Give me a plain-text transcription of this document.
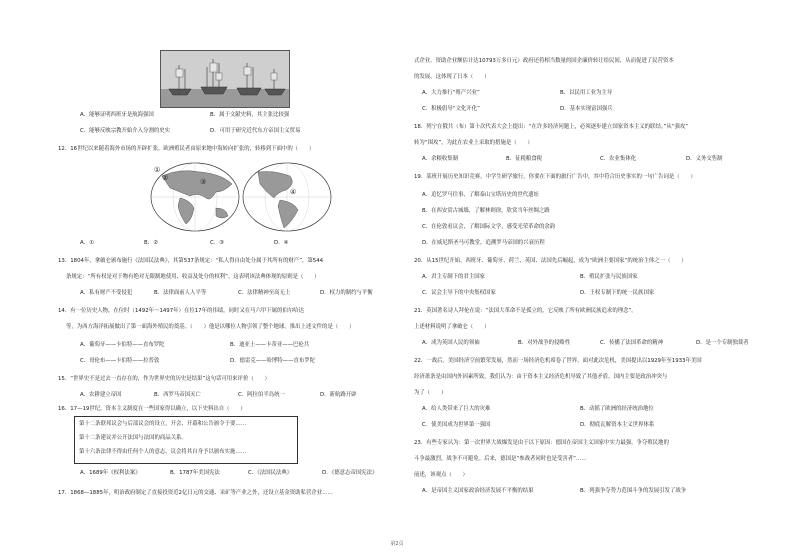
A．能够证明西班牙是航海强国	B．属于文献史料，其主张比较强
C．能够反映宗教开始介入分割的史实	D．可用于研究近代东方帝国主义贸易
12．16世纪以来随着海外市场的开辟扩张，欧洲殖民者由原来地中海转向扩张的，转移到下面中的（　　）
①
②	③
④
A．①	B．②	C．③	D．④
13．1804年，拿破仑颁布施行《法国民法典》，其第537条规定：“私人得自由处分属于其所有的财产”，第544
条规定：“所有权是对于物有绝对无限制地使用、收益及处分的权利”。这表明该法典体现的原则是（　　）
A．私有财产不受侵犯	B．法律面前人人平等	C．法律精神至高无上	D．权力的制约与平衡
14．有一位历史人物，在位时（1492年～1497年）在位17年的伟绩，同时又在马六甲下属的伯尔哈达
等，为西方海洋拓展做出了第一面海外殖民的奠基。（　　）他是以哪位人物引领了整个地球。推出上述文件的是（　　）
A．葡萄牙——卡伯特——直布罗陀	B．迪亚士——卡蒂亚——巴伦共
C．哥伦布——卡伯特——拉普敦	D．德雷克——哈博特——直布罗陀
15．“世界史不是过去一直存在的，作为世界史的历史是结果”这句话可用来评价（　　）
A．农耕建立帝国	B．西罗马帝国灭亡	C．阿拉伯半岛统一	D．新航路开辟
16．17—19世纪，资本主义制度在一些国家得以确立，以下史料出自（　　）
第十二条联邦议会与后部议会的设立，开会、开幕和公告颁令于要……
第十二条建议并公开法国与法国的商品关系。
第十六条法律不得由任何个人的意志，议会将其自身予以颁布实施……
A．1689年《权利法案》	B．1787年美国宪法	C．《法国民法典》	D．《德意志帝国宪法》
17．1868—1885年，明治政府制定了直接投资近2亿日元的交通、采矿等产业之外，还设立基金资助私营企业……
式企业，资助企业额估计达10793万多日元）政府还将相当数量的国企廉价转让给民间，从而促进了民营资本
的发展。这体现了日本（　　）
A．大力推行“殖产兴业”	B．以民用工业为主导
C．积极倡导“文化开化”	D．基本实现富国强兵
18．列宁在俄共（布）第十次代表大会上提出：“在许多经济问题上，必须逐步建立国家资本主义的联结。”从“强攻”
转为“围攻”，为此在农业上采取的措施是（　　）
A．余粮收集制	B．征税粮食税	C．农业集体化	D．义务交售制
19．某班开展历史知识竞赛，中学生研学旅行，你要在下面的旅行广告中，其中符合历史事实的一句广告词是（　　）
A．追忆罗马往事，了解泰山宝塔历史的世代遗址
B．在西安赏古城墙，了解林则徐，欣赏当年丝绸之路
C．在伦敦看议会，了解国际文学，感受光荣革命的余韵
D．在威尼斯圣马可教堂，追溯罗马帝国的兴衰历程
20．从15世纪开始，西班牙、葡萄牙、荷兰、英国、法国先后崛起，成为“欧洲主要国家”的统治主体之一（　　）
A．君主专制下的君主国家	B．殖民扩张与民族国家
C．议会主导下的中央集权国家	D．王权专制下的统一民族国家
21．英国著名诗人拜伦在说：“法国大革命不是孤立的，它反映了所有欧洲民族追求的理念”。
上述材料说明了拿破仑（　　）
A．成为英国人民的领袖	B．对外战争的侵略性	C．传播了法国革命的精神	D．是一个专制独裁者
22．一战后，美国经济空前繁荣发展，然而一场经济危机席卷了世界。面对此次危机，美国提出以1929年至1933年美国
经济萧条是由国内外因素所致，我们认为：由于资本主义经济危机导致了其他矛盾，国内主要是政治冲突与
为了（　　）
A．给人类带来了巨大的灾难	B．动摇了欧洲的经济统治地位
C．使美国成为世界第一强国	D．彻底瓦解资本主义世界体系
23．有些专家认为：第一次世界大战爆发是由于以下原因：德国在帝国主义国家中实力最强，争夺殖民地的
斗争最激烈，战争不可避免。后来，德国是“参战者同时也是受害者”……
前述，该观点（　　）
A．是帝国主义国家政治经济发展不平衡的结果	B．列强争夺势力范围斗争的发展引发了战争
第2页
